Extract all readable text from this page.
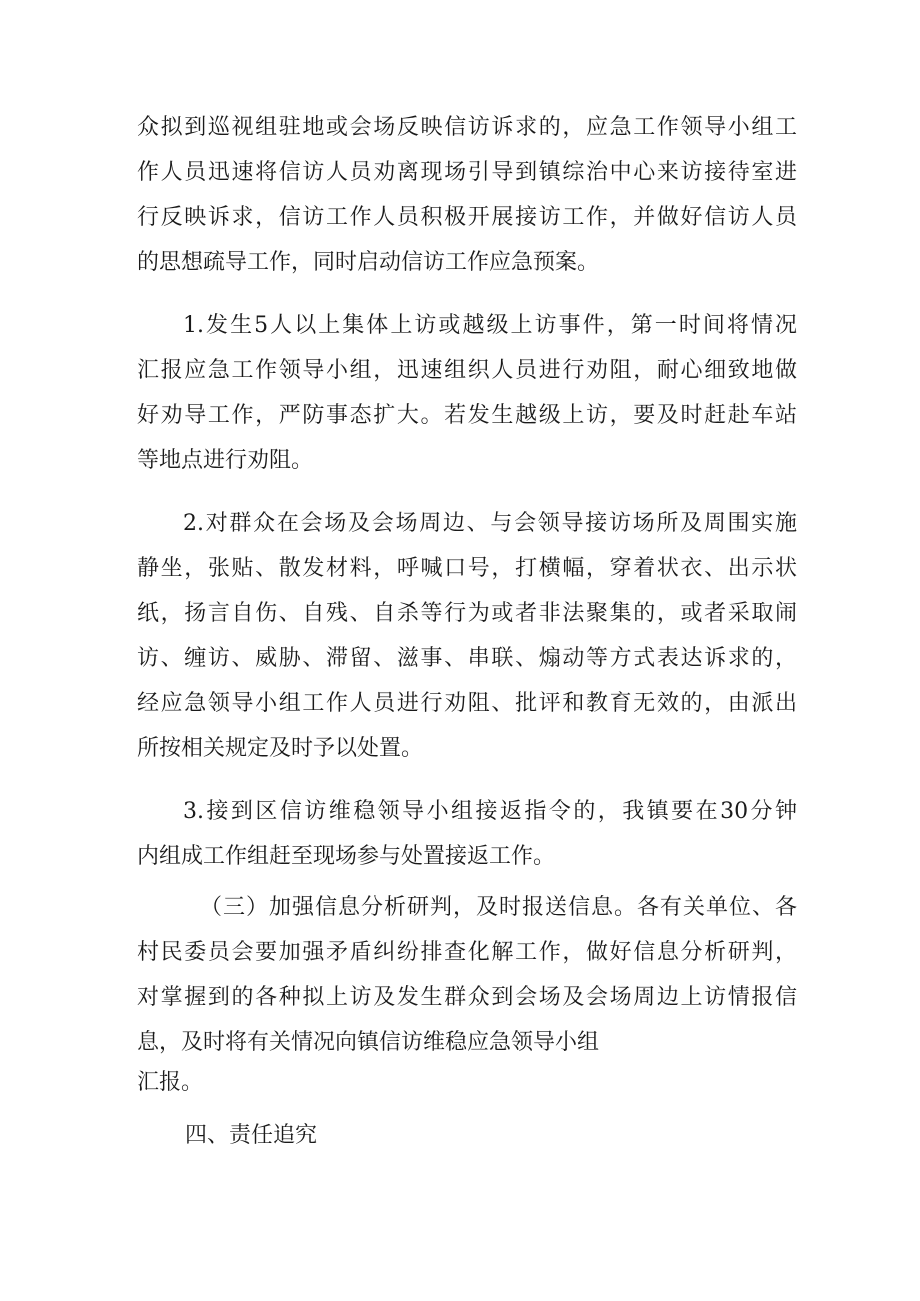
众拟到巡视组驻地或会场反映信访诉求的，应急工作领导小组工

作人员迅速将信访人员劝离现场引导到镇综治中心来访接待室进

行反映诉求，信访工作人员积极开展接访工作，并做好信访人员

的思想疏导工作，同时启动信访工作应急预案。

1.发生5人以上集体上访或越级上访事件，第一时间将情况

汇报应急工作领导小组，迅速组织人员进行劝阻，耐心细致地做

好劝导工作，严防事态扩大。若发生越级上访，要及时赶赴车站

等地点进行劝阻。

2.对群众在会场及会场周边、与会领导接访场所及周围实施

静坐，张贴、散发材料，呼喊口号，打横幅，穿着状衣、出示状

纸，扬言自伤、自残、自杀等行为或者非法聚集的，或者采取闹

访、缠访、威胁、滞留、滋事、串联、煽动等方式表达诉求的，

经应急领导小组工作人员进行劝阻、批评和教育无效的，由派出

所按相关规定及时予以处置。

3.接到区信访维稳领导小组接返指令的，我镇要在30分钟

内组成工作组赶至现场参与处置接返工作。

（三）加强信息分析研判，及时报送信息。各有关单位、各

村民委员会要加强矛盾纠纷排查化解工作，做好信息分析研判，

对掌握到的各种拟上访及发生群众到会场及会场周边上访情报信

息，及时将有关情况向镇信访维稳应急领导小组

汇报。

四、责任追究
